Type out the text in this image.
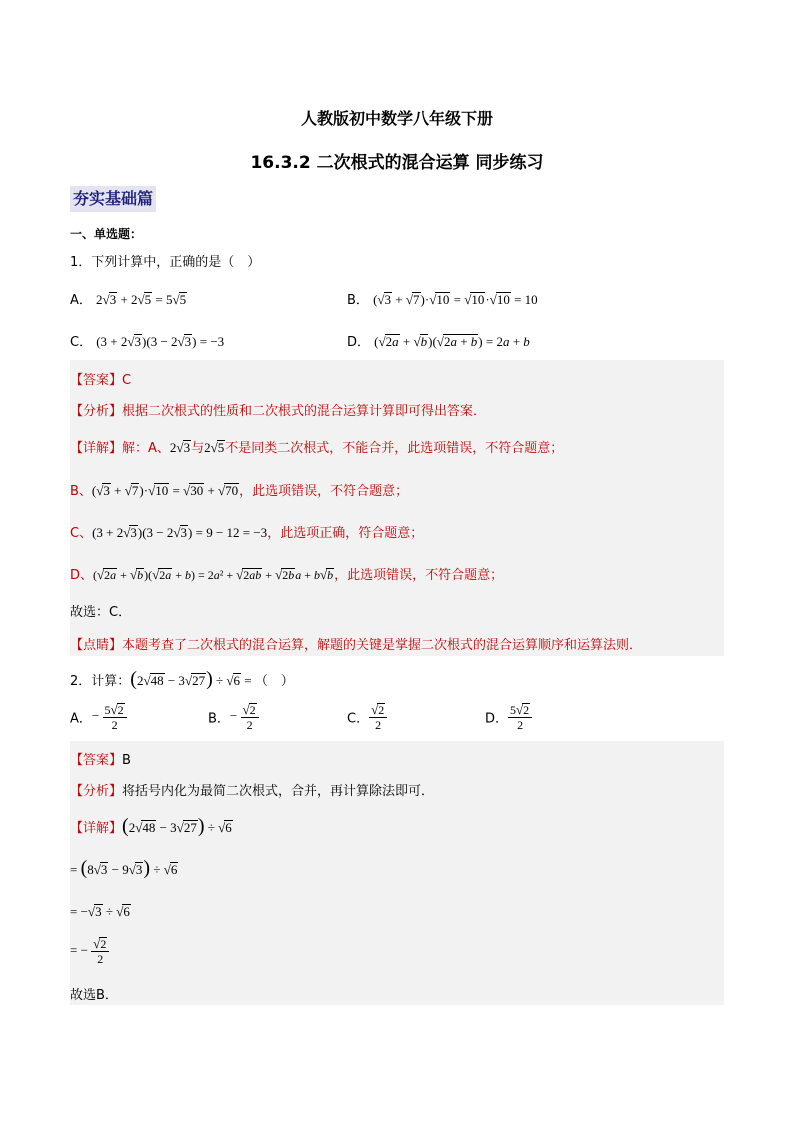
人教版初中数学八年级下册
16.3.2 二次根式的混合运算 同步练习
夯实基础篇
一、单选题：
1．下列计算中，正确的是（　）
A． 2√3 + 2√5 = 5√5	B． (√3 + √7)·√10 = √10·√10 = 10
C． (3 + 2√3)(3 − 2√3) = −3	D． (√2a + √b)(√2a + b) = 2a + b
【答案】C
【分析】根据二次根式的性质和二次根式的混合运算计算即可得出答案．
【详解】解：A、2√3与2√5不是同类二次根式，不能合并，此选项错误，不符合题意；
B、(√3 + √7)·√10 = √30 + √70，此选项错误，不符合题意；
C、(3 + 2√3)(3 − 2√3) = 9 − 12 = −3，此选项正确，符合题意；
D、(√2a + √b)(√2a + b) = 2a² + √2ab + √2ba + b√b，此选项错误，不符合题意；
故选：C．
【点睛】本题考查了二次根式的混合运算，解题的关键是掌握二次根式的混合运算顺序和运算法则．
2．计算：(2√48 − 3√27) ÷ √6 = （　）
A．− $\frac{5√2}{2}$	B．− $\frac{√2}{2}$	C． $\frac{√2}{2}$	D． $\frac{5√2}{2}$
【答案】B
【分析】将括号内化为最简二次根式，合并，再计算除法即可．
【详解】(2√48 − 3√27) ÷ √6
= (8√3 − 9√3) ÷ √6
= −√3 ÷ √6
= − $\frac{√2}{2}$
故选B．
